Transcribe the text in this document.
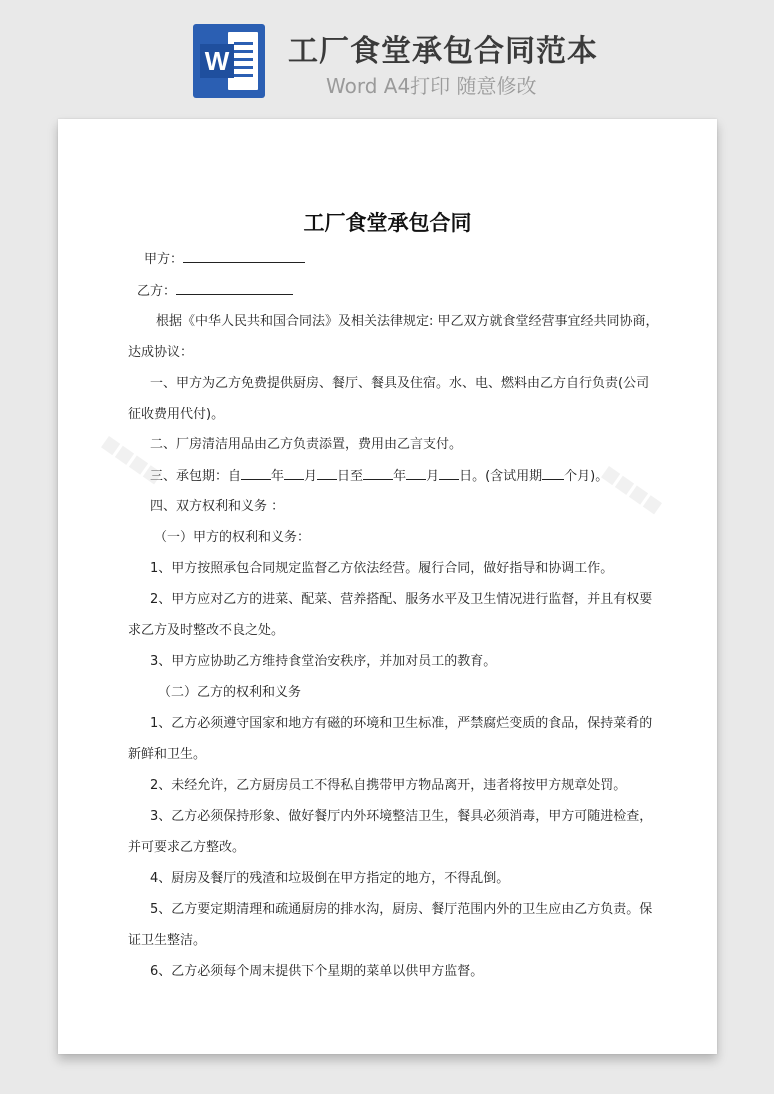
W 工厂食堂承包合同范本
Word A4打印 随意修改
■■■■
■■■■
工厂食堂承包合同
甲方：
乙方：
根据《中华人民共和国合同法》及相关法律规定: 甲乙双方就食堂经营事宜经共同协商，
达成协议：
一、甲方为乙方免费提供厨房、餐厅、餐具及住宿。水、电、燃料由乙方自行负责(公司
征收费用代付)。
二、厂房清洁用品由乙方负责添置，费用由乙言支付。
三、承包期：自 年 月 日至 年 月 日。(含试用期 个月)。
四、双方权利和义务 ：
（一）甲方的权利和义务：
1、甲方按照承包合同规定监督乙方依法经营。履行合同，做好指导和协调工作。
2、甲方应对乙方的进菜、配菜、营养搭配、服务水平及卫生情况进行监督，并且有权要
求乙方及时整改不良之处。
3、甲方应协助乙方维持食堂治安秩序，并加对员工的教育。
（二）乙方的权利和义务
1、乙方必须遵守国家和地方有磁的环境和卫生标准，严禁腐烂变质的食品，保持菜肴的
新鲜和卫生。
2、未经允许，乙方厨房员工不得私自携带甲方物品离开，违者将按甲方规章处罚。
3、乙方必须保持形象、做好餐厅内外环境整洁卫生，餐具必须消毒，甲方可随进检查，
并可要求乙方整改。
4、厨房及餐厅的残渣和垃圾倒在甲方指定的地方，不得乱倒。
5、乙方要定期清理和疏通厨房的排水沟，厨房、餐厅范围内外的卫生应由乙方负责。保
证卫生整洁。
6、乙方必须每个周末提供下个星期的菜单以供甲方监督。
